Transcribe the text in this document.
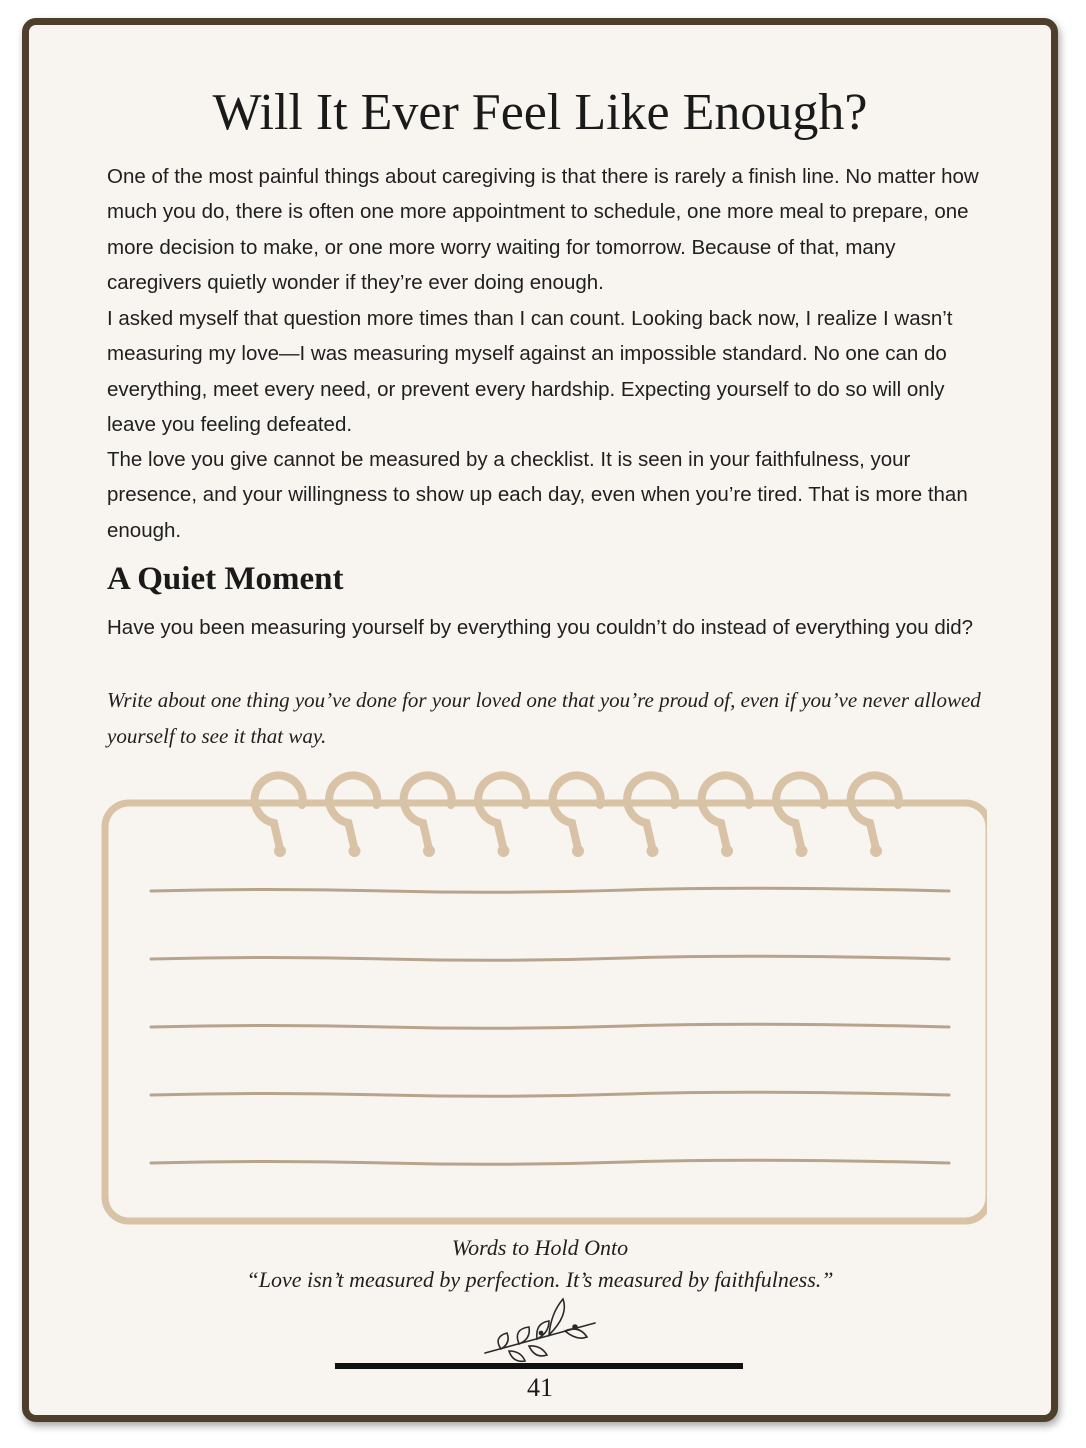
Will It Ever Feel Like Enough?

One of the most painful things about caregiving is that there is rarely a finish line. No matter how much you do, there is often one more appointment to schedule, one more meal to prepare, one more decision to make, or one more worry waiting for tomorrow. Because of that, many caregivers quietly wonder if they’re ever doing enough.

I asked myself that question more times than I can count. Looking back now, I realize I wasn’t measuring my love—I was measuring myself against an impossible standard. No one can do everything, meet every need, or prevent every hardship. Expecting yourself to do so will only leave you feeling defeated.

The love you give cannot be measured by a checklist. It is seen in your faithfulness, your presence, and your willingness to show up each day, even when you’re tired. That is more than enough.

A Quiet Moment

Have you been measuring yourself by everything you couldn’t do instead of everything you did?

Write about one thing you’ve done for your loved one that you’re proud of, even if you’ve never allowed yourself to see it that way.

Words to Hold Onto

“Love isn’t measured by perfection. It’s measured by faithfulness.”

41
